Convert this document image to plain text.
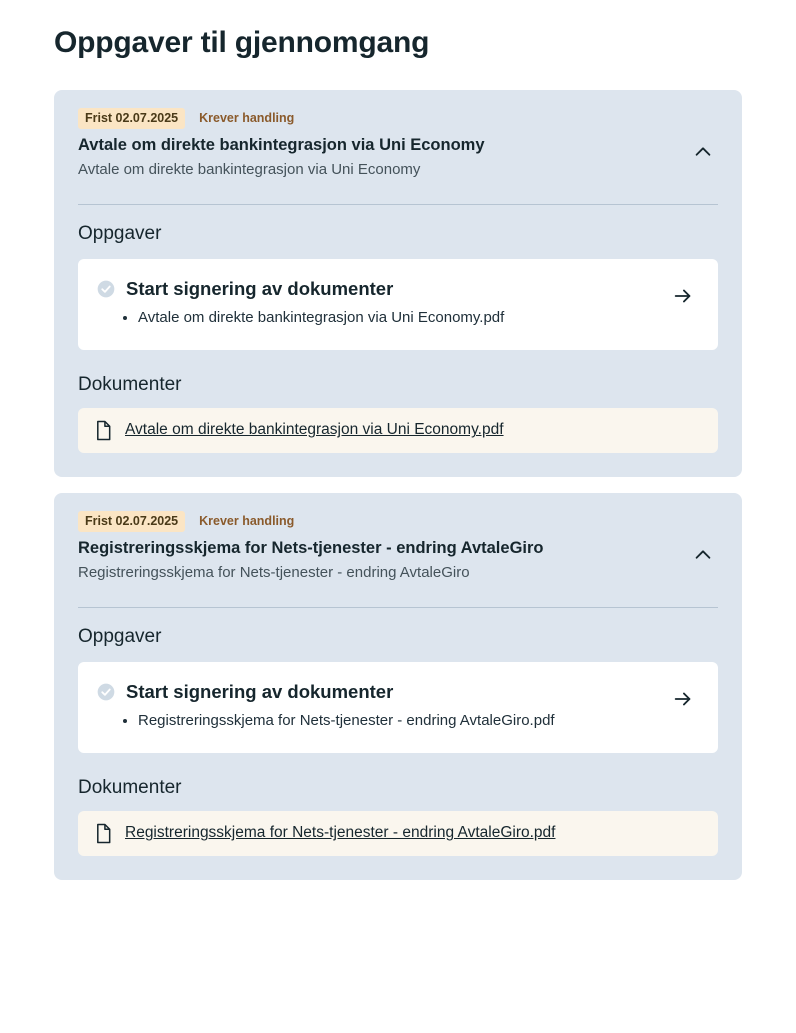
Oppgaver til gjennomgang
Frist 02.07.2025	Krever handling
Avtale om direkte bankintegrasjon via Uni Economy

Avtale om direkte bankintegrasjon via Uni Economy

Oppgaver
Start signering av dokumenter
• Avtale om direkte bankintegrasjon via Uni Economy.pdf
Dokumenter
Avtale om direkte bankintegrasjon via Uni Economy.pdf
Frist 02.07.2025	Krever handling
Registreringsskjema for Nets-tjenester - endring AvtaleGiro

Registreringsskjema for Nets-tjenester - endring AvtaleGiro

Oppgaver
Start signering av dokumenter
• Registreringsskjema for Nets-tjenester - endring AvtaleGiro.pdf
Dokumenter
Registreringsskjema for Nets-tjenester - endring AvtaleGiro.pdf
